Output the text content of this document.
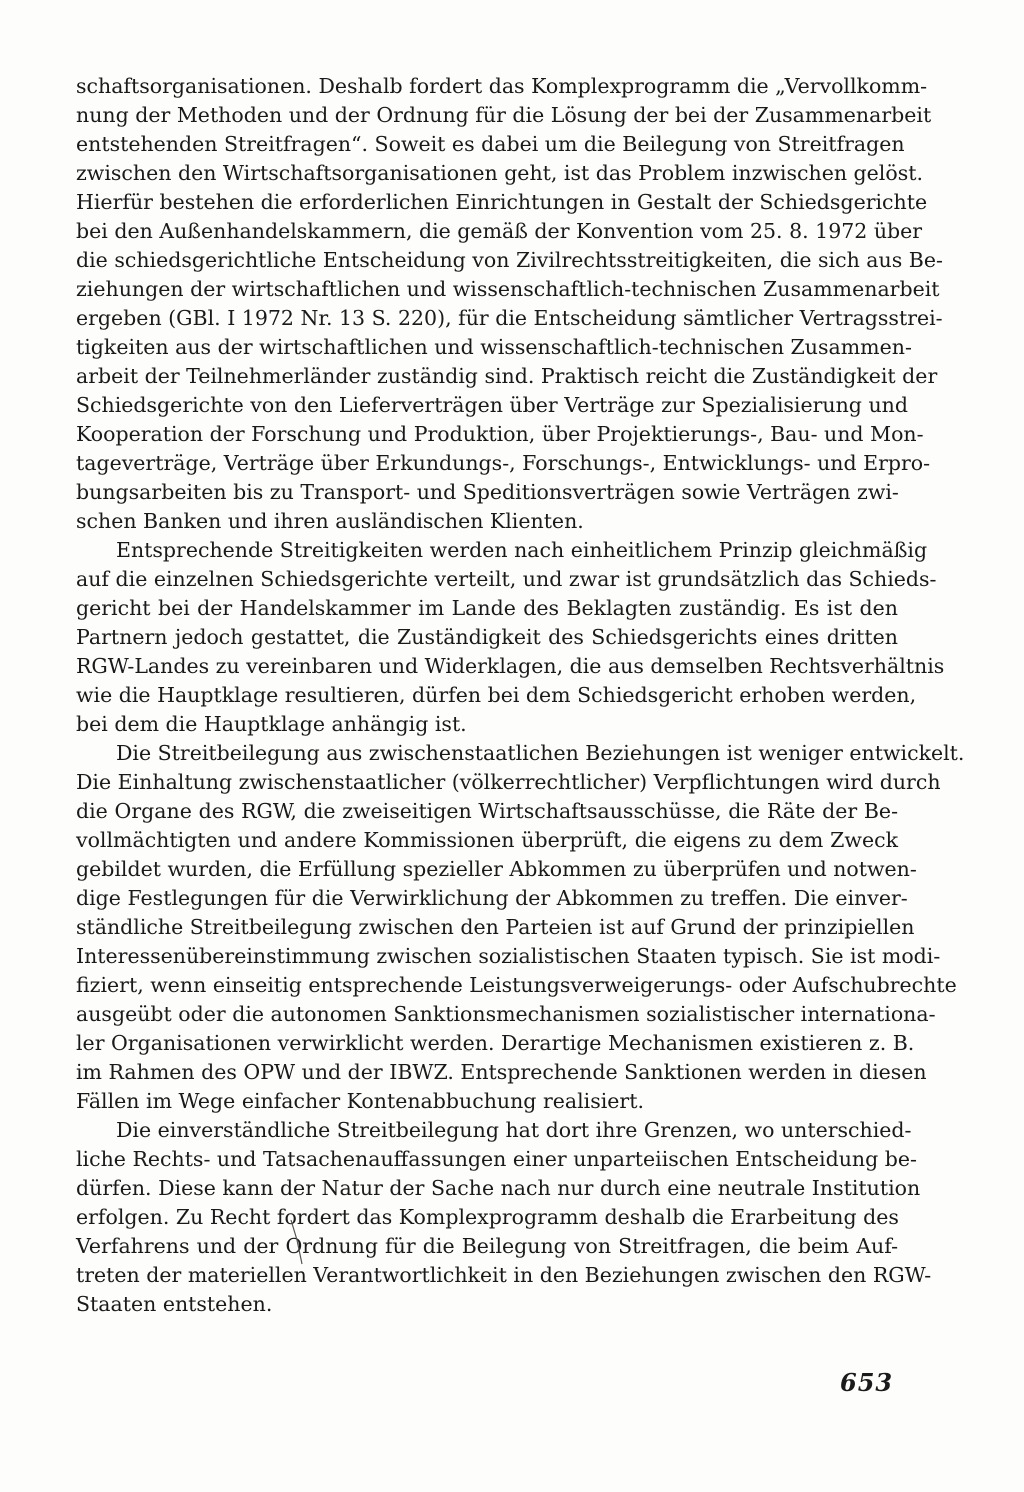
schaftsorganisationen. Deshalb fordert das Komplexprogramm die „Vervollkomm-
nung der Methoden und der Ordnung für die Lösung der bei der Zusammenarbeit
entstehenden Streitfragen“. Soweit es dabei um die Beilegung von Streitfragen
zwischen den Wirtschaftsorganisationen geht, ist das Problem inzwischen gelöst.
Hierfür bestehen die erforderlichen Einrichtungen in Gestalt der Schiedsgerichte
bei den Außenhandelskammern, die gemäß der Konvention vom 25. 8. 1972 über
die schiedsgerichtliche Entscheidung von Zivilrechtsstreitigkeiten, die sich aus Be-
ziehungen der wirtschaftlichen und wissenschaftlich-technischen Zusammenarbeit
ergeben (GBl. I 1972 Nr. 13 S. 220), für die Entscheidung sämtlicher Vertragsstrei-
tigkeiten aus der wirtschaftlichen und wissenschaftlich-technischen Zusammen-
arbeit der Teilnehmerländer zuständig sind. Praktisch reicht die Zuständigkeit der
Schiedsgerichte von den Lieferverträgen über Verträge zur Spezialisierung und
Kooperation der Forschung und Produktion, über Projektierungs-, Bau- und Mon-
tageverträge, Verträge über Erkundungs-, Forschungs-, Entwicklungs- und Erpro-
bungsarbeiten bis zu Transport- und Speditionsverträgen sowie Verträgen zwi-
schen Banken und ihren ausländischen Klienten.
Entsprechende Streitigkeiten werden nach einheitlichem Prinzip gleichmäßig
auf die einzelnen Schiedsgerichte verteilt, und zwar ist grundsätzlich das Schieds-
gericht bei der Handelskammer im Lande des Beklagten zuständig. Es ist den
Partnern jedoch gestattet, die Zuständigkeit des Schiedsgerichts eines dritten
RGW-Landes zu vereinbaren und Widerklagen, die aus demselben Rechtsverhältnis
wie die Hauptklage resultieren, dürfen bei dem Schiedsgericht erhoben werden,
bei dem die Hauptklage anhängig ist.
Die Streitbeilegung aus zwischenstaatlichen Beziehungen ist weniger entwickelt.
Die Einhaltung zwischenstaatlicher (völkerrechtlicher) Verpflichtungen wird durch
die Organe des RGW, die zweiseitigen Wirtschaftsausschüsse, die Räte der Be-
vollmächtigten und andere Kommissionen überprüft, die eigens zu dem Zweck
gebildet wurden, die Erfüllung spezieller Abkommen zu überprüfen und notwen-
dige Festlegungen für die Verwirklichung der Abkommen zu treffen. Die einver-
ständliche Streitbeilegung zwischen den Parteien ist auf Grund der prinzipiellen
Interessenübereinstimmung zwischen sozialistischen Staaten typisch. Sie ist modi-
fiziert, wenn einseitig entsprechende Leistungsverweigerungs- oder Aufschubrechte
ausgeübt oder die autonomen Sanktionsmechanismen sozialistischer internationa-
ler Organisationen verwirklicht werden. Derartige Mechanismen existieren z. B.
im Rahmen des OPW und der IBWZ. Entsprechende Sanktionen werden in diesen
Fällen im Wege einfacher Kontenabbuchung realisiert.
Die einverständliche Streitbeilegung hat dort ihre Grenzen, wo unterschied-
liche Rechts- und Tatsachenauffassungen einer unparteiischen Entscheidung be-
dürfen. Diese kann der Natur der Sache nach nur durch eine neutrale Institution
erfolgen. Zu Recht fordert das Komplexprogramm deshalb die Erarbeitung des
Verfahrens und der Ordnung für die Beilegung von Streitfragen, die beim Auf-
treten der materiellen Verantwortlichkeit in den Beziehungen zwischen den RGW-
Staaten entstehen.
653
